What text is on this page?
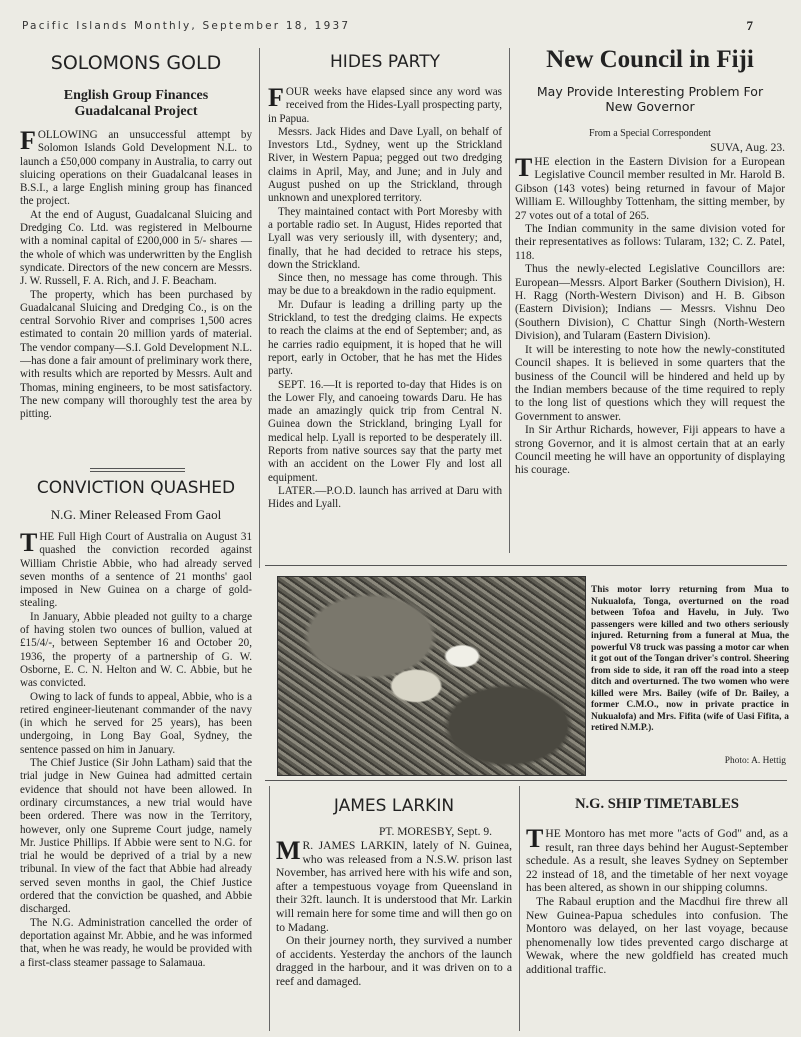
Pacific Islands Monthly, September 18, 1937	7
SOLOMONS GOLD
English Group Finances
Guadalcanal Project
F OLLOWING an unsuccessful attempt by Solomon Islands Gold Development N.L. to launch a £50,000 company in Australia, to carry out sluicing operations on their Guadalcanal leases in B.S.I., a large English mining group has financed the project.

At the end of August, Guadalcanal Sluicing and Dredging Co. Ltd. was registered in Melbourne with a nominal capital of £200,000 in 5/- shares — the whole of which was underwritten by the English syndicate. Directors of the new concern are Messrs. J. W. Russell, F. A. Rich, and J. F. Beacham.

The property, which has been purchased by Guadalcanal Sluicing and Dredging Co., is on the central Sorvohio River and comprises 1,500 acres estimated to contain 20 million yards of material. The vendor company—S.I. Gold Development N.L.—has done a fair amount of preliminary work there, with results which are reported by Messrs. Ault and Thomas, mining engineers, to be most satisfactory. The new company will thoroughly test the area by pitting.

CONVICTION QUASHED
N.G. Miner Released From Gaol
T HE Full High Court of Australia on August 31 quashed the conviction recorded against William Christie Abbie, who had already served seven months of a sentence of 21 months' gaol imposed in New Guinea on a charge of gold-stealing.

In January, Abbie pleaded not guilty to a charge of having stolen two ounces of bullion, valued at £15/4/-, between September 16 and October 20, 1936, the property of a partnership of G. W. Osborne, E. C. N. Helton and W. C. Abbie, but he was convicted.

Owing to lack of funds to appeal, Abbie, who is a retired engineer-lieutenant commander of the navy (in which he served for 25 years), has been undergoing, in Long Bay Goal, Sydney, the sentence passed on him in January.

The Chief Justice (Sir John Latham) said that the trial judge in New Guinea had admitted certain evidence that should not have been allowed. In ordinary circumstances, a new trial would have been ordered. There was now in the Territory, however, only one Supreme Court judge, namely Mr. Justice Phillips. If Abbie were sent to N.G. for trial he would be deprived of a trial by a new tribunal. In view of the fact that Abbie had already served seven months in gaol, the Chief Justice ordered that the conviction be quashed, and Abbie discharged.

The N.G. Administration cancelled the order of deportation against Mr. Abbie, and he was informed that, when he was ready, he would be provided with a first-class steamer passage to Salamaua.

HIDES PARTY
F OUR weeks have elapsed since any word was received from the Hides-Lyall prospecting party, in Papua.

Messrs. Jack Hides and Dave Lyall, on behalf of Investors Ltd., Sydney, went up the Strickland River, in Western Papua; pegged out two dredging claims in April, May, and June; and in July and August pushed on up the Strickland, through unknown and unexplored territory.

They maintained contact with Port Moresby with a portable radio set. In August, Hides reported that Lyall was very seriously ill, with dysentery; and, finally, that he had decided to retrace his steps, down the Strickland.

Since then, no message has come through. This may be due to a breakdown in the radio equipment.

Mr. Dufaur is leading a drilling party up the Strickland, to test the dredging claims. He expects to reach the claims at the end of September; and, as he carries radio equipment, it is hoped that he will report, early in October, that he has met the Hides party.

SEPT. 16.—It is reported to-day that Hides is on the Lower Fly, and canoeing towards Daru. He has made an amazingly quick trip from Central N. Guinea down the Strickland, bringing Lyall for medical help. Lyall is reported to be desperately ill. Reports from native sources say that the party met with an accident on the Lower Fly and lost all equipment.

LATER.—P.O.D. launch has arrived at Daru with Hides and Lyall.

New Council in Fiji
May Provide Interesting Problem For New Governor
From a Special Correspondent
SUVA, Aug. 23.
T HE election in the Eastern Division for a European Legislative Council member resulted in Mr. Harold B. Gibson (143 votes) being returned in favour of Major William E. Willoughby Tottenham, the sitting member, by 27 votes out of a total of 265.

The Indian community in the same division voted for their representatives as follows: Tularam, 132; C. Z. Patel, 118.

Thus the newly-elected Legislative Councillors are: European—Messrs. Alport Barker (Southern Division), H. H. Ragg (North-Western Divison) and H. B. Gibson (Eastern Division); Indians — Messrs. Vishnu Deo (Southern Division), C Chattur Singh (North-Western Division), and Tularam (Eastern Division).

It will be interesting to note how the newly-constituted Council shapes. It is believed in some quarters that the business of the Council will be hindered and held up by the Indian members because of the time required to reply to the long list of questions which they will request the Government to answer.

In Sir Arthur Richards, however, Fiji appears to have a strong Governor, and it is almost certain that at an early Council meeting he will have an opportunity of displaying his courage.

This motor lorry returning from Mua to Nukualofa, Tonga, overturned on the road between Tofoa and Havelu, in July. Two passengers were killed and two others seriously injured. Returning from a funeral at Mua, the powerful V8 truck was passing a motor car when it got out of the Tongan driver's control. Sheering from side to side, it ran off the road into a steep ditch and overturned. The two women who were killed were Mrs. Bailey (wife of Dr. Bailey, a former C.M.O., now in private practice in Nukualofa) and Mrs. Fifita (wife of Uasi Fifita, a retired N.M.P.).
Photo: A. Hettig
JAMES LARKIN
PT. MORESBY, Sept. 9.
M R. JAMES LARKIN, lately of N. Guinea, who was released from a N.S.W. prison last November, has arrived here with his wife and son, after a tempestuous voyage from Queensland in their 32ft. launch. It is understood that Mr. Larkin will remain here for some time and will then go on to Madang.

On their journey north, they survived a number of accidents. Yesterday the anchors of the launch dragged in the harbour, and it was driven on to a reef and damaged.

N.G. SHIP TIMETABLES
T HE Montoro has met more "acts of God" and, as a result, ran three days behind her August-September schedule. As a result, she leaves Sydney on September 22 instead of 18, and the timetable of her next voyage has been altered, as shown in our shipping columns.

The Rabaul eruption and the Macdhui fire threw all New Guinea-Papua schedules into confusion. The Montoro was delayed, on her last voyage, because phenomenally low tides prevented cargo discharge at Wewak, where the new goldfield has created much additional traffic.
